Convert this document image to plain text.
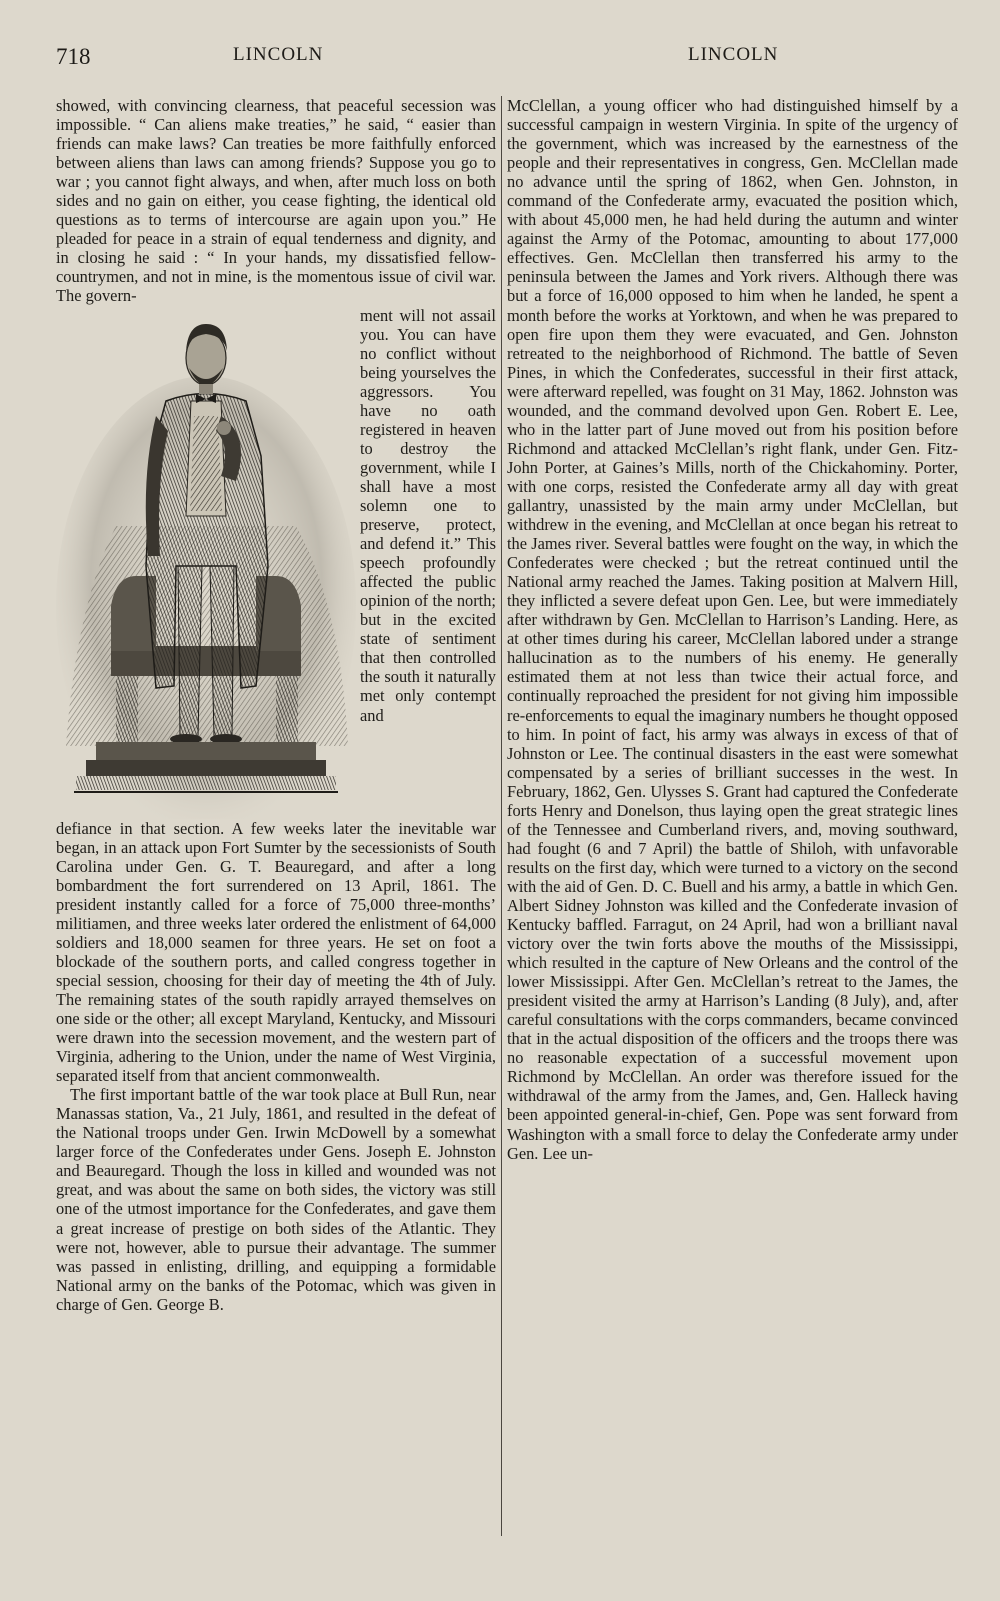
718	LINCOLN	LINCOLN

showed, with convincing clearness, that peaceful secession was impossible. “ Can aliens make treaties,” he said, “ easier than friends can make laws? Can treaties be more faithfully enforced between aliens than laws can among friends? Suppose you go to war ; you cannot fight always, and when, after much loss on both sides and no gain on either, you cease fighting, the identical old questions as to terms of intercourse are again upon you.” He pleaded for peace in a strain of equal tenderness and dignity, and in closing he said : “ In your hands, my dissatisfied fellow-countrymen, and not in mine, is the momentous issue of civil war. The govern-

ment will not assail you. You can have no conflict without being yourselves the aggressors. You have no oath registered in heaven to destroy the government, while I shall have a most solemn one to preserve, protect, and defend it.” This speech profoundly affected the public opinion of the north; but in the excited state of sentiment that then controlled the south it naturally met only contempt and

defiance in that section. A few weeks later the inevitable war began, in an attack upon Fort Sumter by the secessionists of South Carolina under Gen. G. T. Beauregard, and after a long bombardment the fort surrendered on 13 April, 1861. The president instantly called for a force of 75,000 three-months’ militiamen, and three weeks later ordered the enlistment of 64,000 soldiers and 18,000 seamen for three years. He set on foot a blockade of the southern ports, and called congress together in special session, choosing for their day of meeting the 4th of July. The remaining states of the south rapidly arrayed themselves on one side or the other; all except Maryland, Kentucky, and Missouri were drawn into the secession movement, and the western part of Virginia, adhering to the Union, under the name of West Virginia, separated itself from that ancient commonwealth.

The first important battle of the war took place at Bull Run, near Manassas station, Va., 21 July, 1861, and resulted in the defeat of the National troops under Gen. Irwin McDowell by a somewhat larger force of the Confederates under Gens. Joseph E. Johnston and Beauregard. Though the loss in killed and wounded was not great, and was about the same on both sides, the victory was still one of the utmost importance for the Confederates, and gave them a great increase of prestige on both sides of the Atlantic. They were not, however, able to pursue their advantage. The summer was passed in enlisting, drilling, and equipping a formidable National army on the banks of the Potomac, which was given in charge of Gen. George B.

McClellan, a young officer who had distinguished himself by a successful campaign in western Virginia. In spite of the urgency of the government, which was increased by the earnestness of the people and their representatives in congress, Gen. McClellan made no advance until the spring of 1862, when Gen. Johnston, in command of the Confederate army, evacuated the position which, with about 45,000 men, he had held during the autumn and winter against the Army of the Potomac, amounting to about 177,000 effectives. Gen. McClellan then transferred his army to the peninsula between the James and York rivers. Although there was but a force of 16,000 opposed to him when he landed, he spent a month before the works at Yorktown, and when he was prepared to open fire upon them they were evacuated, and Gen. Johnston retreated to the neighborhood of Richmond. The battle of Seven Pines, in which the Confederates, successful in their first attack, were afterward repelled, was fought on 31 May, 1862. Johnston was wounded, and the command devolved upon Gen. Robert E. Lee, who in the latter part of June moved out from his position before Richmond and attacked McClellan’s right flank, under Gen. Fitz-John Porter, at Gaines’s Mills, north of the Chickahominy. Porter, with one corps, resisted the Confederate army all day with great gallantry, unassisted by the main army under McClellan, but withdrew in the evening, and McClellan at once began his retreat to the James river. Several battles were fought on the way, in which the Confederates were checked ; but the retreat continued until the National army reached the James. Taking position at Malvern Hill, they inflicted a severe defeat upon Gen. Lee, but were immediately after withdrawn by Gen. McClellan to Harrison’s Landing. Here, as at other times during his career, McClellan labored under a strange hallucination as to the numbers of his enemy. He generally estimated them at not less than twice their actual force, and continually reproached the president for not giving him impossible re-enforcements to equal the imaginary numbers he thought opposed to him. In point of fact, his army was always in excess of that of Johnston or Lee. The continual disasters in the east were somewhat compensated by a series of brilliant successes in the west. In February, 1862, Gen. Ulysses S. Grant had captured the Confederate forts Henry and Donelson, thus laying open the great strategic lines of the Tennessee and Cumberland rivers, and, moving southward, had fought (6 and 7 April) the battle of Shiloh, with unfavorable results on the first day, which were turned to a victory on the second with the aid of Gen. D. C. Buell and his army, a battle in which Gen. Albert Sidney Johnston was killed and the Confederate invasion of Kentucky baffled. Farragut, on 24 April, had won a brilliant naval victory over the twin forts above the mouths of the Mississippi, which resulted in the capture of New Orleans and the control of the lower Mississippi. After Gen. McClellan’s retreat to the James, the president visited the army at Harrison’s Landing (8 July), and, after careful consultations with the corps commanders, became convinced that in the actual disposition of the officers and the troops there was no reasonable expectation of a successful movement upon Richmond by McClellan. An order was therefore issued for the withdrawal of the army from the James, and, Gen. Halleck having been appointed general-in-chief, Gen. Pope was sent forward from Washington with a small force to delay the Confederate army under Gen. Lee un-
